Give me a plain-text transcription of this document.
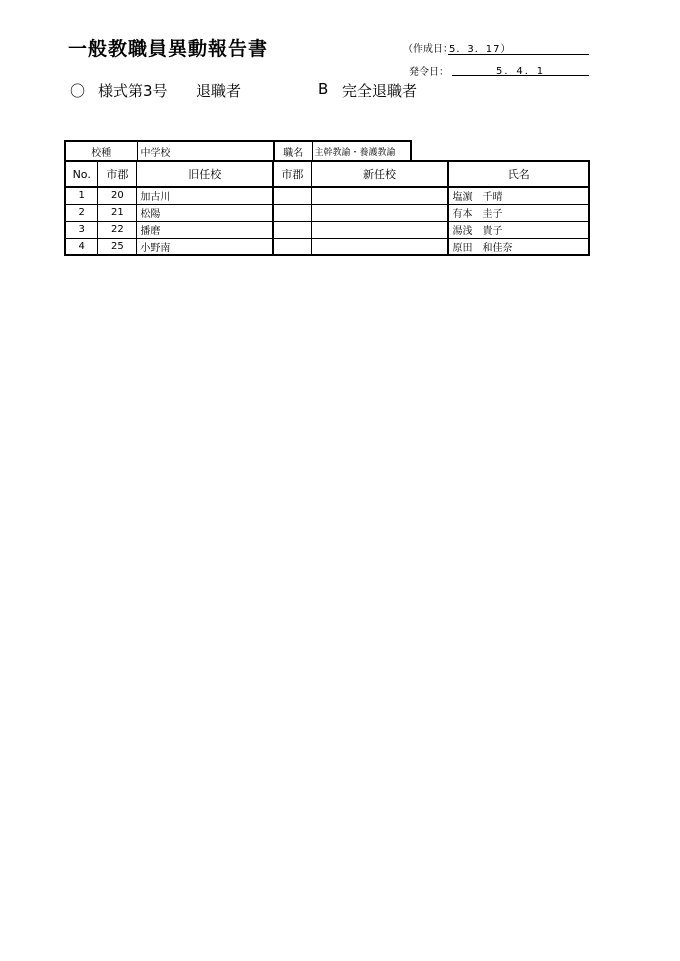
一般教職員異動報告書	（作成日：
5．3．17）
発令日：	5．4．1
〇 様式第3号 退職者	B 完全退職者
校種	中学校	職名	主幹教諭・養護教諭
No.	市郡	旧任校	市郡	新任校	氏名
1	20	加古川			塩濵　千晴
2	21	松陽			有本　圭子
3	22	播磨			湯浅　貴子
4	25	小野南			原田　和佳奈
